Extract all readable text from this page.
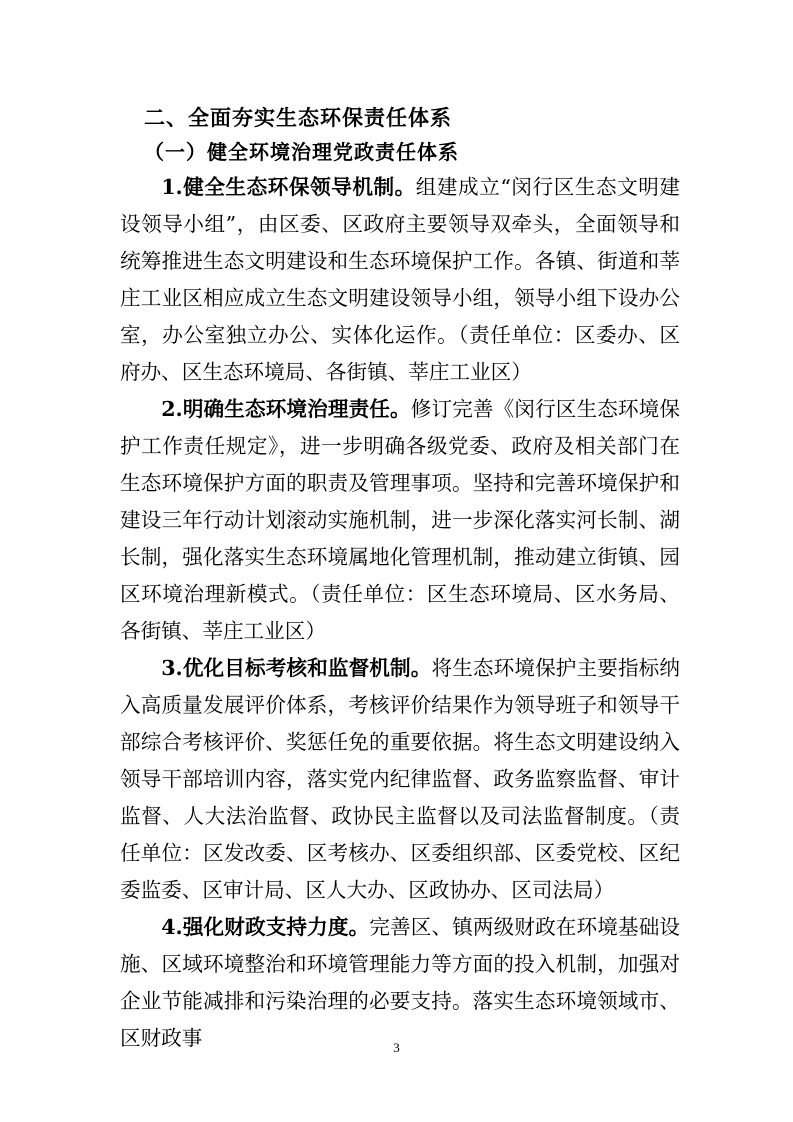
二、全面夯实生态环保责任体系

（一）健全环境治理党政责任体系

1.健全生态环保领导机制。组建成立“闵行区生态文明建设领导小组”，由区委、区政府主要领导双牵头，全面领导和统筹推进生态文明建设和生态环境保护工作。各镇、街道和莘庄工业区相应成立生态文明建设领导小组，领导小组下设办公室，办公室独立办公、实体化运作。（责任单位：区委办、区府办、区生态环境局、各街镇、莘庄工业区）

2.明确生态环境治理责任。修订完善《闵行区生态环境保护工作责任规定》，进一步明确各级党委、政府及相关部门在生态环境保护方面的职责及管理事项。坚持和完善环境保护和建设三年行动计划滚动实施机制，进一步深化落实河长制、湖长制，强化落实生态环境属地化管理机制，推动建立街镇、园区环境治理新模式。（责任单位：区生态环境局、区水务局、各街镇、莘庄工业区）

3.优化目标考核和监督机制。将生态环境保护主要指标纳入高质量发展评价体系，考核评价结果作为领导班子和领导干部综合考核评价、奖惩任免的重要依据。将生态文明建设纳入领导干部培训内容，落实党内纪律监督、政务监察监督、审计监督、人大法治监督、政协民主监督以及司法监督制度。（责任单位：区发改委、区考核办、区委组织部、区委党校、区纪委监委、区审计局、区人大办、区政协办、区司法局）

4.强化财政支持力度。完善区、镇两级财政在环境基础设施、区域环境整治和环境管理能力等方面的投入机制，加强对企业节能减排和污染治理的必要支持。落实生态环境领域市、区财政事	3
